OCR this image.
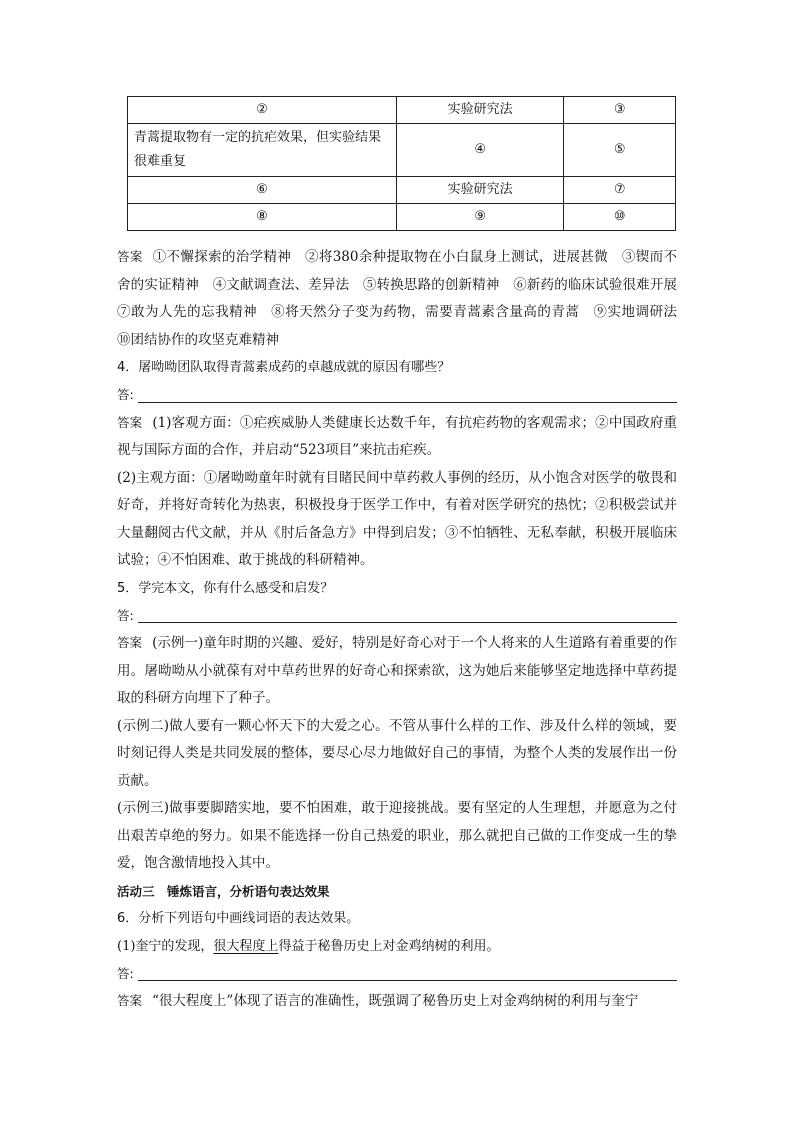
②	实验研究法	③
青蒿提取物有一定的抗疟效果，但实验结果很难重复	④	⑤
⑥	实验研究法	⑦
⑧	⑨	⑩

答案 ①不懈探索的治学精神　②将380余种提取物在小白鼠身上测试，进展甚微　③锲而不舍的实证精神　④文献调查法、差异法　⑤转换思路的创新精神　⑥新药的临床试验很难开展　⑦敢为人先的忘我精神　⑧将天然分子变为药物，需要青蒿素含量高的青蒿　⑨实地调研法　⑩团结协作的攻坚克难精神

4．屠呦呦团队取得青蒿素成药的卓越成就的原因有哪些？

答:

答案 (1)客观方面：①疟疾威胁人类健康长达数千年，有抗疟药物的客观需求；②中国政府重视与国际方面的合作，并启动“523项目”来抗击疟疾。

(2)主观方面：①屠呦呦童年时就有目睹民间中草药救人事例的经历，从小饱含对医学的敬畏和好奇，并将好奇转化为热衷，积极投身于医学工作中，有着对医学研究的热忱；②积极尝试并大量翻阅古代文献，并从《肘后备急方》中得到启发；③不怕牺牲、无私奉献，积极开展临床试验；④不怕困难、敢于挑战的科研精神。

5．学完本文，你有什么感受和启发？

答:

答案 (示例一)童年时期的兴趣、爱好，特别是好奇心对于一个人将来的人生道路有着重要的作用。屠呦呦从小就葆有对中草药世界的好奇心和探索欲，这为她后来能够坚定地选择中草药提取的科研方向埋下了种子。

(示例二)做人要有一颗心怀天下的大爱之心。不管从事什么样的工作、涉及什么样的领域，要时刻记得人类是共同发展的整体，要尽心尽力地做好自己的事情，为整个人类的发展作出一份贡献。

(示例三)做事要脚踏实地，要不怕困难，敢于迎接挑战。要有坚定的人生理想，并愿意为之付出艰苦卓绝的努力。如果不能选择一份自己热爱的职业，那么就把自己做的工作变成一生的挚爱，饱含激情地投入其中。

活动三　锤炼语言，分析语句表达效果

6．分析下列语句中画线词语的表达效果。

(1)奎宁的发现，很大程度上得益于秘鲁历史上对金鸡纳树的利用。

答:

答案 “很大程度上”体现了语言的准确性，既强调了秘鲁历史上对金鸡纳树的利用与奎宁
